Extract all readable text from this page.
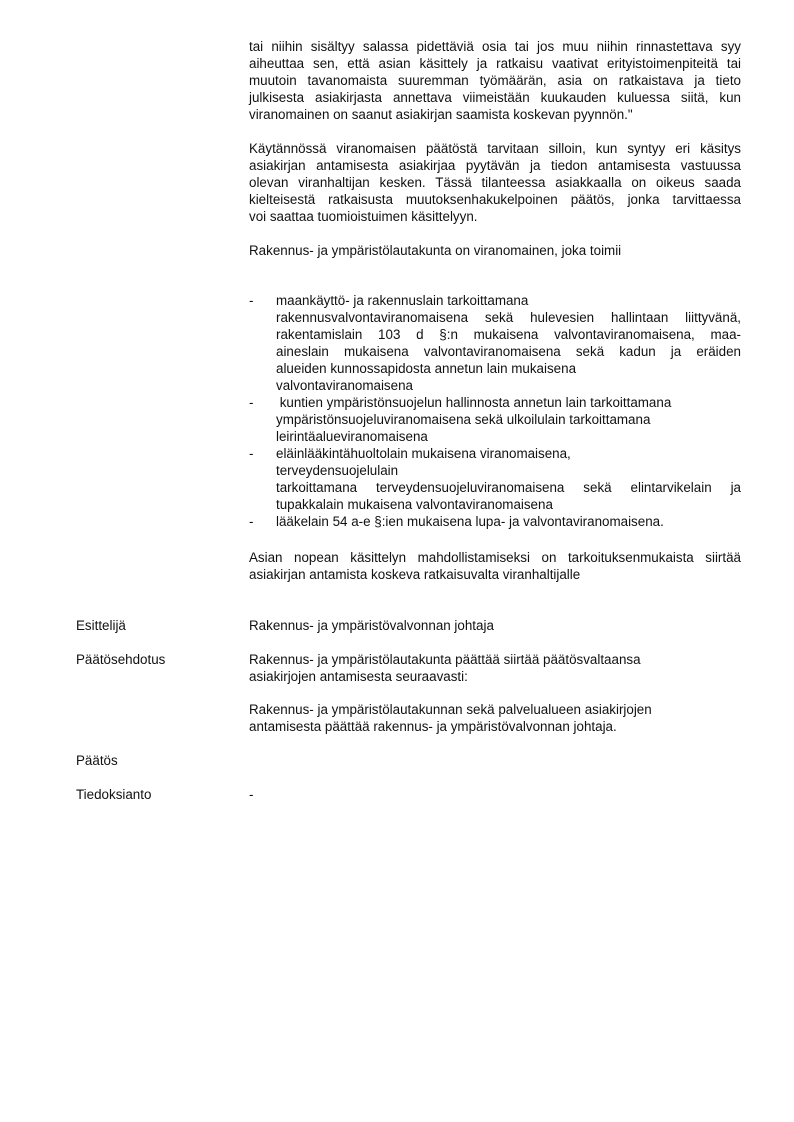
tai niihin sisältyy salassa pidettäviä osia tai jos muu niihin rinnastettava syy
aiheuttaa sen, että asian käsittely ja ratkaisu vaativat erityistoimenpiteitä tai
muutoin tavanomaista suuremman työmäärän, asia on ratkaistava ja tieto
julkisesta asiakirjasta annettava viimeistään kuukauden kuluessa siitä, kun
viranomainen on saanut asiakirjan saamista koskevan pyynnön."
Käytännössä viranomaisen päätöstä tarvitaan silloin, kun syntyy eri käsitys
asiakirjan antamisesta asiakirjaa pyytävän ja tiedon antamisesta vastuussa
olevan viranhaltijan kesken. Tässä tilanteessa asiakkaalla on oikeus saada
kielteisestä ratkaisusta muutoksenhakukelpoinen päätös, jonka tarvittaessa
voi saattaa tuomioistuimen käsittelyyn.
Rakennus- ja ympäristölautakunta on viranomainen, joka toimii
- maankäyttö- ja rakennuslain tarkoittamana
rakennusvalvontaviranomaisena sekä hulevesien hallintaan liittyvänä,
rakentamislain 103 d §:n mukaisena valvontaviranomaisena, maa-
aineslain mukaisena valvontaviranomaisena sekä kadun ja eräiden
alueiden kunnossapidosta annetun lain mukaisena
valvontaviranomaisena
- kuntien ympäristönsuojelun hallinnosta annetun lain tarkoittamana
ympäristönsuojeluviranomaisena sekä ulkoilulain tarkoittamana
leirintäalueviranomaisena
- eläinlääkintähuoltolain mukaisena viranomaisena,
terveydensuojelulain
tarkoittamana terveydensuojeluviranomaisena sekä elintarvikelain ja
tupakkalain mukaisena valvontaviranomaisena
- lääkelain 54 a-e §:ien mukaisena lupa- ja valvontaviranomaisena.
Asian nopean käsittelyn mahdollistamiseksi on tarkoituksenmukaista siirtää
asiakirjan antamista koskeva ratkaisuvalta viranhaltijalle
Esittelijä	Rakennus- ja ympäristövalvonnan johtaja
Päätösehdotus	Rakennus- ja ympäristölautakunta päättää siirtää päätösvaltaansa
asiakirjojen antamisesta seuraavasti:
Rakennus- ja ympäristölautakunnan sekä palvelualueen asiakirjojen
antamisesta päättää rakennus- ja ympäristövalvonnan johtaja.
Päätös
Tiedoksianto	-
